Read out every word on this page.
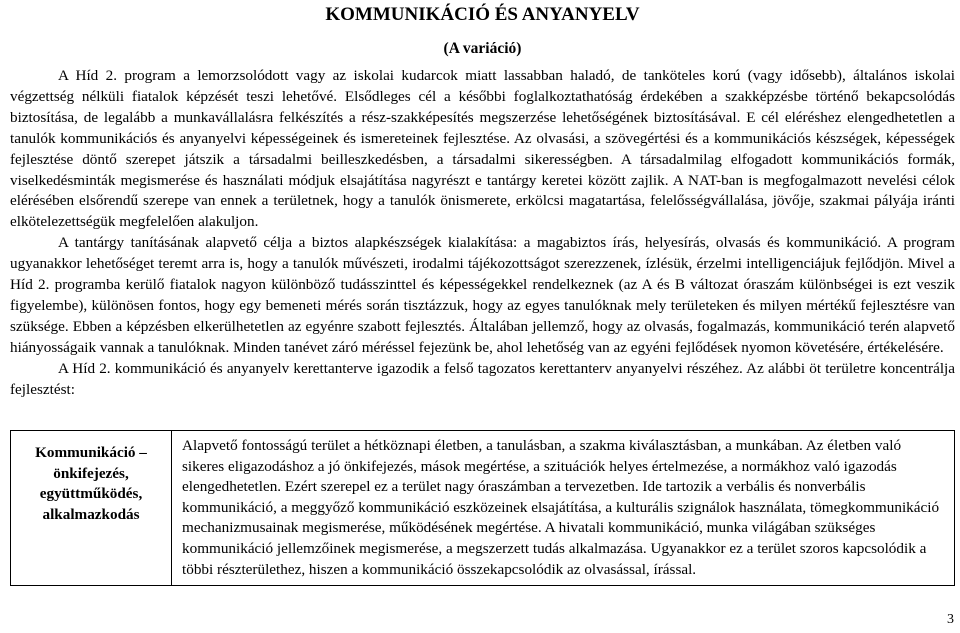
KOMMUNIKÁCIÓ ÉS ANYANYELV
(A variáció)

A Híd 2. program a lemorzsolódott vagy az iskolai kudarcok miatt lassabban haladó, de tanköteles korú (vagy idősebb), általános iskolai végzettség nélküli fiatalok képzését teszi lehetővé. Elsődleges cél a későbbi foglalkoztathatóság érdekében a szakképzésbe történő bekapcsolódás biztosítása, de legalább a munkavállalásra felkészítés a rész-szakképesítés megszerzése lehetőségének biztosításával. E cél eléréshez elengedhetetlen a tanulók kommunikációs és anyanyelvi képességeinek és ismereteinek fejlesztése. Az olvasási, a szövegértési és a kommunikációs készségek, képességek fejlesztése döntő szerepet játszik a társadalmi beilleszkedésben, a társadalmi sikerességben. A társadalmilag elfogadott kommunikációs formák, viselkedésminták megismerése és használati módjuk elsajátítása nagyrészt e tantárgy keretei között zajlik. A NAT-ban is megfogalmazott nevelési célok elérésében elsőrendű szerepe van ennek a területnek, hogy a tanulók önismerete, erkölcsi magatartása, felelősségvállalása, jövője, szakmai pályája iránti elkötelezettségük megfelelően alakuljon.

A tantárgy tanításának alapvető célja a biztos alapkészségek kialakítása: a magabiztos írás, helyesírás, olvasás és kommunikáció. A program ugyanakkor lehetőséget teremt arra is, hogy a tanulók művészeti, irodalmi tájékozottságot szerezzenek, ízlésük, érzelmi intelligenciájuk fejlődjön. Mivel a Híd 2. programba kerülő fiatalok nagyon különböző tudásszinttel és képességekkel rendelkeznek (az A és B változat óraszám különbségei is ezt veszik figyelembe), különösen fontos, hogy egy bemeneti mérés során tisztázzuk, hogy az egyes tanulóknak mely területeken és milyen mértékű fejlesztésre van szüksége. Ebben a képzésben elkerülhetetlen az egyénre szabott fejlesztés. Általában jellemző, hogy az olvasás, fogalmazás, kommunikáció terén alapvető hiányosságaik vannak a tanulóknak. Minden tanévet záró méréssel fejezünk be, ahol lehetőség van az egyéni fejlődések nyomon követésére, értékelésére.

A Híd 2. kommunikáció és anyanyelv kerettanterve igazodik a felső tagozatos kerettanterv anyanyelvi részéhez. Az alábbi öt területre koncentrálja fejlesztést:

Kommunikáció – önkifejezés, együttműködés, alkalmazkodás	Alapvető fontosságú terület a hétköznapi életben, a tanulásban, a szakma kiválasztásban, a munkában. Az életben való sikeres eligazodáshoz a jó önkifejezés, mások megértése, a szituációk helyes értelmezése, a normákhoz való igazodás elengedhetetlen. Ezért szerepel ez a terület nagy óraszámban a tervezetben. Ide tartozik a verbális és nonverbális kommunikáció, a meggyőző kommunikáció eszközeinek elsajátítása, a kulturális szignálok használata, tömegkommunikáció mechanizmusainak megismerése, működésének megértése. A hivatali kommunikáció, munka világában szükséges kommunikáció jellemzőinek megismerése, a megszerzett tudás alkalmazása. Ugyanakkor ez a terület szoros kapcsolódik a többi részterülethez, hiszen a kommunikáció összekapcsolódik az olvasással, írással.
3
